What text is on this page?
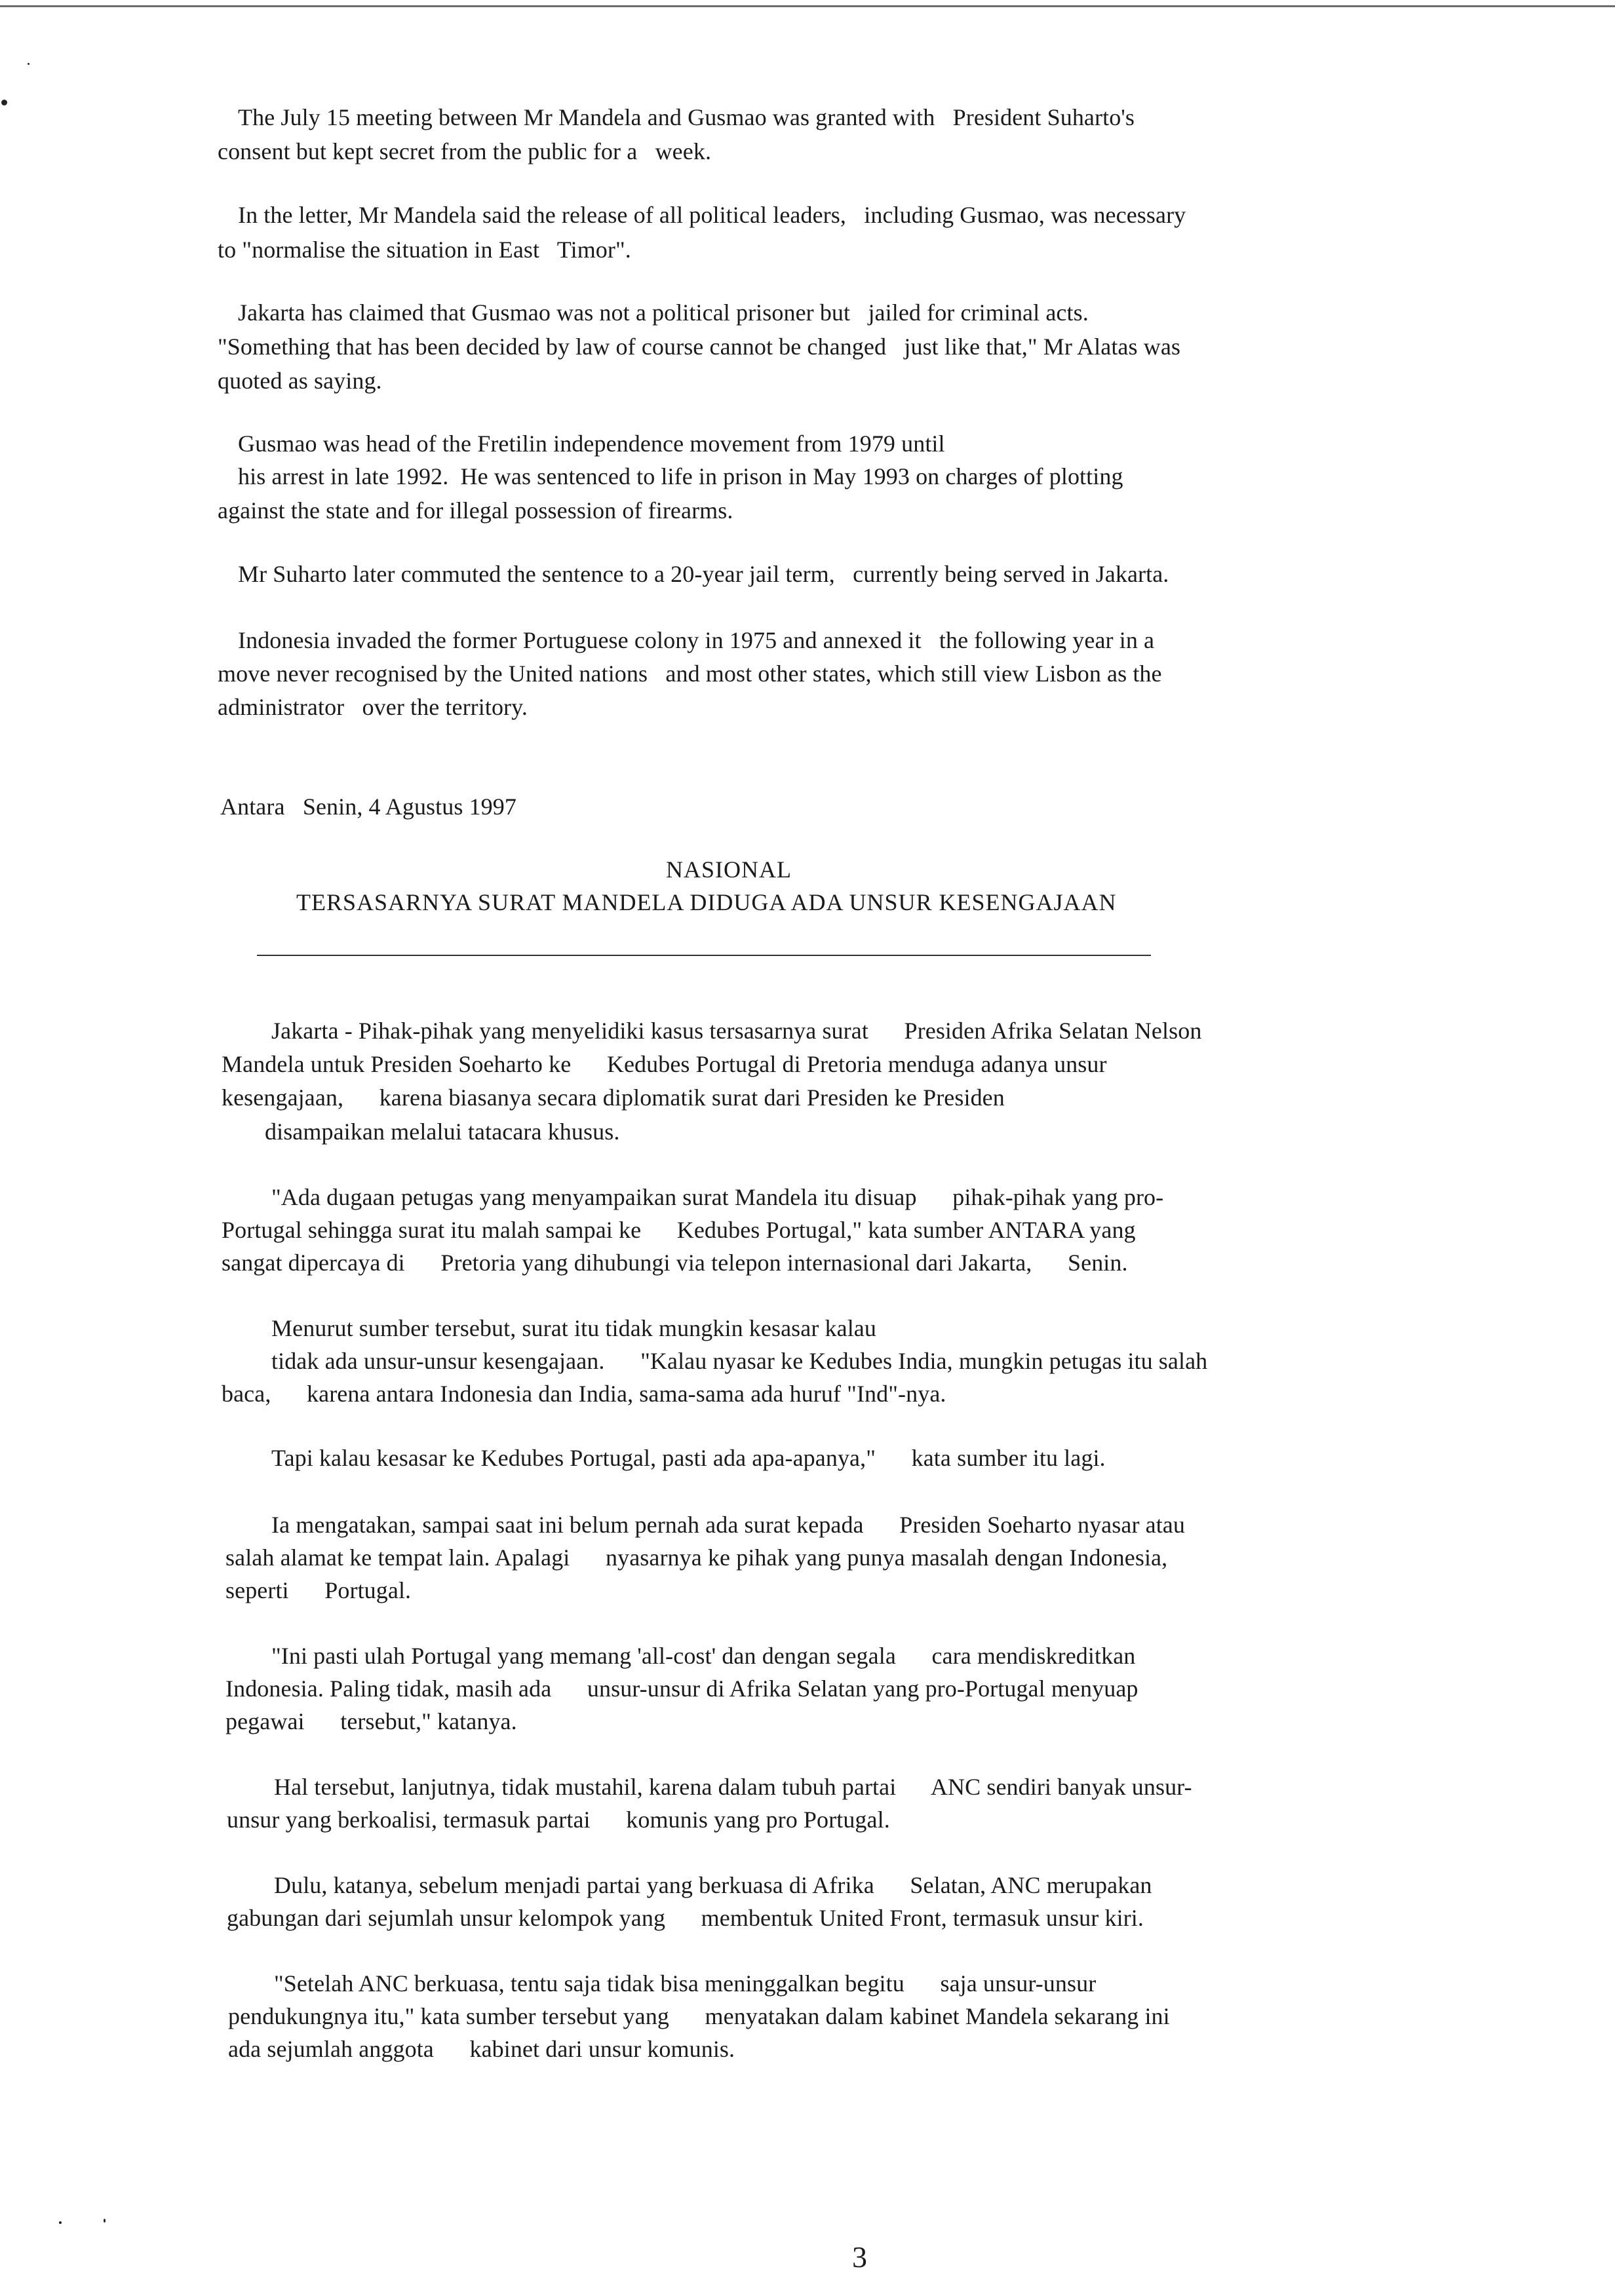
The July 15 meeting between Mr Mandela and Gusmao was granted with   President Suharto's
consent but kept secret from the public for a   week.
In the letter, Mr Mandela said the release of all political leaders,   including Gusmao, was necessary
to "normalise the situation in East   Timor".
Jakarta has claimed that Gusmao was not a political prisoner but   jailed for criminal acts.
"Something that has been decided by law of course cannot be changed   just like that," Mr Alatas was
quoted as saying.
Gusmao was head of the Fretilin independence movement from 1979 until
his arrest in late 1992.  He was sentenced to life in prison in May 1993 on charges of plotting
against the state and for illegal possession of firearms.
Mr Suharto later commuted the sentence to a 20-year jail term,   currently being served in Jakarta.
Indonesia invaded the former Portuguese colony in 1975 and annexed it   the following year in a
move never recognised by the United nations   and most other states, which still view Lisbon as the
administrator   over the territory.
Antara   Senin, 4 Agustus 1997
NASIONAL
TERSASARNYA SURAT MANDELA DIDUGA ADA UNSUR KESENGAJAAN
Jakarta - Pihak-pihak yang menyelidiki kasus tersasarnya surat      Presiden Afrika Selatan Nelson
Mandela untuk Presiden Soeharto ke      Kedubes Portugal di Pretoria menduga adanya unsur
kesengajaan,      karena biasanya secara diplomatik surat dari Presiden ke Presiden
disampaikan melalui tatacara khusus.
"Ada dugaan petugas yang menyampaikan surat Mandela itu disuap      pihak-pihak yang pro-
Portugal sehingga surat itu malah sampai ke      Kedubes Portugal," kata sumber ANTARA yang
sangat dipercaya di      Pretoria yang dihubungi via telepon internasional dari Jakarta,      Senin.
Menurut sumber tersebut, surat itu tidak mungkin kesasar kalau
tidak ada unsur-unsur kesengajaan.      "Kalau nyasar ke Kedubes India, mungkin petugas itu salah
baca,      karena antara Indonesia dan India, sama-sama ada huruf "Ind"-nya.
Tapi kalau kesasar ke Kedubes Portugal, pasti ada apa-apanya,"      kata sumber itu lagi.
Ia mengatakan, sampai saat ini belum pernah ada surat kepada      Presiden Soeharto nyasar atau
salah alamat ke tempat lain. Apalagi      nyasarnya ke pihak yang punya masalah dengan Indonesia,
seperti      Portugal.
"Ini pasti ulah Portugal yang memang 'all-cost' dan dengan segala      cara mendiskreditkan
Indonesia. Paling tidak, masih ada      unsur-unsur di Afrika Selatan yang pro-Portugal menyuap
pegawai      tersebut," katanya.
Hal tersebut, lanjutnya, tidak mustahil, karena dalam tubuh partai      ANC sendiri banyak unsur-
unsur yang berkoalisi, termasuk partai      komunis yang pro Portugal.
Dulu, katanya, sebelum menjadi partai yang berkuasa di Afrika      Selatan, ANC merupakan
gabungan dari sejumlah unsur kelompok yang      membentuk United Front, termasuk unsur kiri.
"Setelah ANC berkuasa, tentu saja tidak bisa meninggalkan begitu      saja unsur-unsur
pendukungnya itu," kata sumber tersebut yang      menyatakan dalam kabinet Mandela sekarang ini
ada sejumlah anggota      kabinet dari unsur komunis.
3
